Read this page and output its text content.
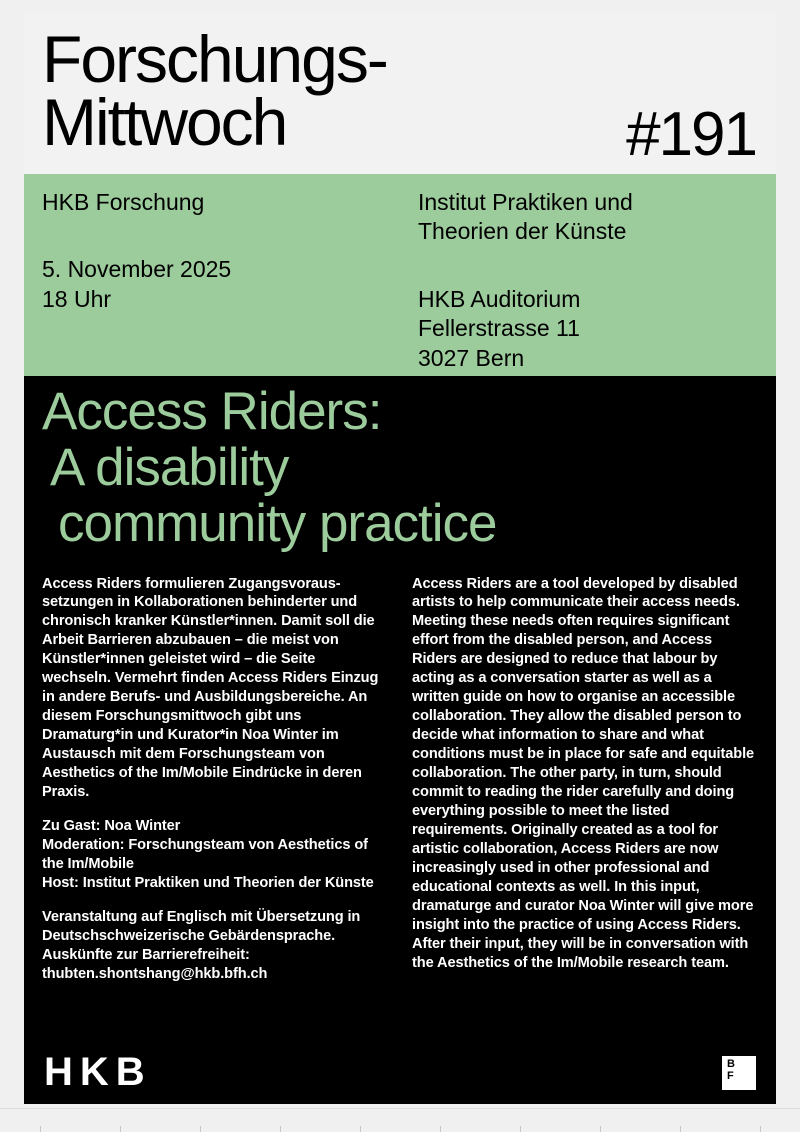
Forschungs-
Mittwoch	#191
HKB Forschung
5. November 2025
18 Uhr
Institut Praktiken und
Theorien der Künste
HKB Auditorium
Fellerstrasse 11
3027 Bern
Access Riders:
A disability
community practice

Access Riders formulieren Zugangsvoraussetzungen in Kollaborationen behinderter und chronisch kranker Künstler*innen. Damit soll die Arbeit Barrieren abzubauen – die meist von Künstler*innen geleistet wird – die Seite wechseln. Vermehrt finden Access Riders Einzug in andere Berufs- und Ausbildungsbereiche. An diesem Forschungsmittwoch gibt uns Dramaturg*in und Kurator*in Noa Winter im Austausch mit dem Forschungsteam von Aesthetics of the Im/Mobile Eindrücke in deren Praxis.

Zu Gast: Noa Winter
Moderation: Forschungsteam von Aesthetics of the Im/Mobile
Host: Institut Praktiken und Theorien der Künste

Veranstaltung auf Englisch mit Übersetzung in Deutschschweizerische Gebärdensprache.
Auskünfte zur Barrierefreiheit:
thubten.shontshang@hkb.bfh.ch

Access Riders are a tool developed by disabled artists to help communicate their access needs. Meeting these needs often requires significant effort from the disabled person, and Access Riders are designed to reduce that labour by acting as a conversation starter as well as a written guide on how to organise an accessible collaboration. They allow the disabled person to decide what information to share and what conditions must be in place for safe and equitable collaboration. The other party, in turn, should commit to reading the rider carefully and doing everything possible to meet the listed requirements. Originally created as a tool for artistic collaboration, Access Riders are now increasingly used in other professional and educational contexts as well. In this input, dramaturge and curator Noa Winter will give more insight into the practice of using Access Riders. After their input, they will be in conversation with the Aesthetics of the Im/Mobile research team.

H K B	B
F
